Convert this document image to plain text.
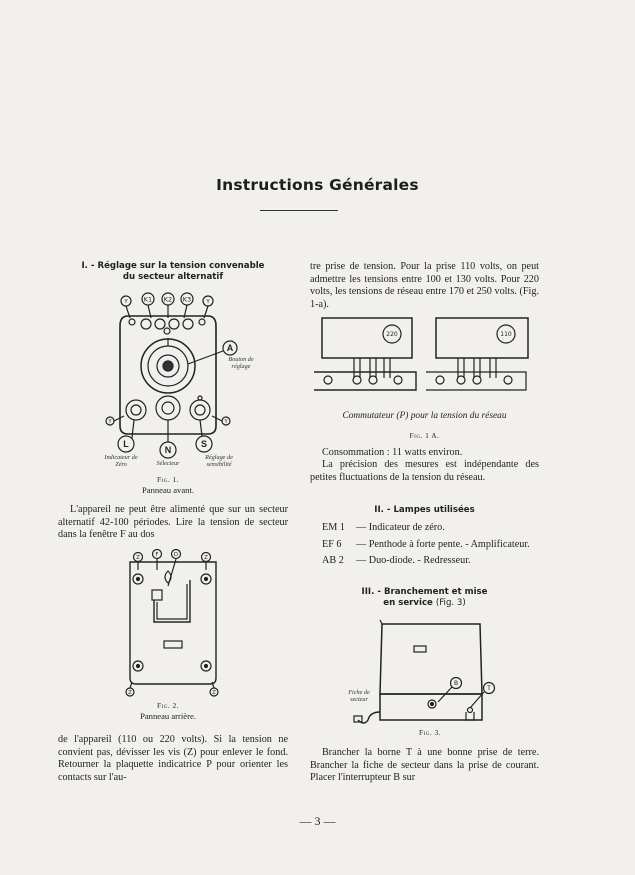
Instructions Générales
I. - Réglage sur la tension convenable
du secteur alternatif
K1 K2 K3
Y	Y
Y	Y
A
L
N
S
Bouton de réglage
Indicateur de Zéro	Sélecteur
Réglage de sensibilité
Fig. 1.
Panneau avant.

L'appareil ne peut être alimenté que sur un secteur alternatif 42-100 périodes. Lire la tension de secteur dans la fenêtre F au dos

Z	F	D	Z
Z	Z
Fig. 2.
Panneau arrière.

de l'appareil (110 ou 220 volts). Si la tension ne convient pas, dévisser les vis (Z) pour enlever le fond. Retourner la plaquette indicatrice P pour orienter les contacts sur l'au-

tre prise de tension. Pour la prise 110 volts, on peut admettre les tensions entre 100 et 130 volts. Pour 220 volts, les tensions de réseau entre 170 et 250 volts. (Fig. 1-a).

220	110
Commutateur (P) pour la tension du réseau
Fig. 1 A.

Consommation : 11 watts environ.

La précision des mesures est indépendante des petites fluctuations de la tension du réseau.

II. - Lampes utilisées
EM 1	— Indicateur de zéro.
EF 6	— Penthode à forte pente. - Amplificateur.
AB 2	— Duo-diode. - Redresseur.
III. - Branchement et mise
en service (Fig. 3)
B
T
Fiche de secteur
Fig. 3.

Brancher la borne T à une bonne prise de terre. Brancher la fiche de secteur dans la prise de courant. Placer l'interrupteur B sur

— 3 —
